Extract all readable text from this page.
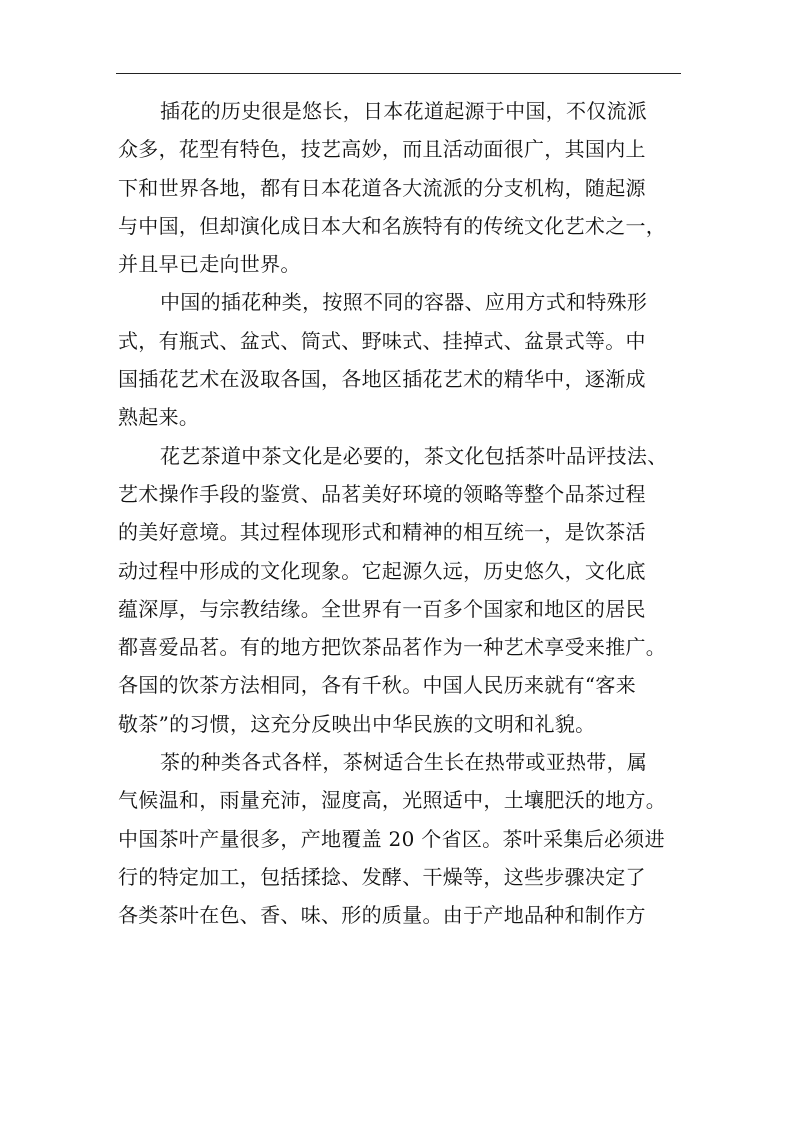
插花的历史很是悠长，日本花道起源于中国，不仅流派
众多，花型有特色，技艺高妙，而且活动面很广，其国内上
下和世界各地，都有日本花道各大流派的分支机构，随起源
与中国，但却演化成日本大和名族特有的传统文化艺术之一，
并且早已走向世界。
中国的插花种类，按照不同的容器、应用方式和特殊形
式，有瓶式、盆式、筒式、野味式、挂掉式、盆景式等。中
国插花艺术在汲取各国，各地区插花艺术的精华中，逐渐成
熟起来。
花艺茶道中茶文化是必要的，茶文化包括茶叶品评技法、
艺术操作手段的鉴赏、品茗美好环境的领略等整个品茶过程
的美好意境。其过程体现形式和精神的相互统一，是饮茶活
动过程中形成的文化现象。它起源久远，历史悠久，文化底
蕴深厚，与宗教结缘。全世界有一百多个国家和地区的居民
都喜爱品茗。有的地方把饮茶品茗作为一种艺术享受来推广。
各国的饮茶方法相同，各有千秋。中国人民历来就有“客来
敬茶”的习惯，这充分反映出中华民族的文明和礼貌。
茶的种类各式各样，茶树适合生长在热带或亚热带，属
气候温和，雨量充沛，湿度高，光照适中，土壤肥沃的地方。
中国茶叶产量很多，产地覆盖 20 个省区。茶叶采集后必须进
行的特定加工，包括揉捻、发酵、干燥等，这些步骤决定了
各类茶叶在色、香、味、形的质量。由于产地品种和制作方
